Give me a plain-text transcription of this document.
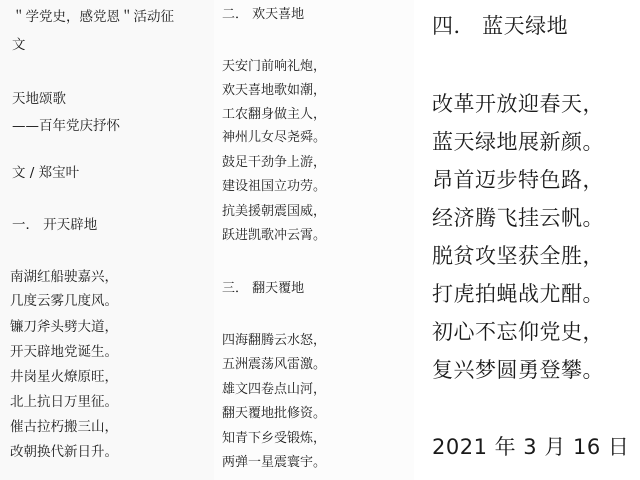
＂学党史，感党恩＂活动征
文
天地颂歌
——百年党庆抒怀
文 / 郑宝叶
一． 开天辟地
南湖红船驶嘉兴，
几度云雾几度风。
镰刀斧头劈大道，
开天辟地党诞生。
井岗星火燎原旺，
北上抗日万里征。
催古拉朽搬三山，
改朝换代新日升。
二． 欢天喜地
天安门前响礼炮，
欢天喜地歌如潮，
工农翻身做主人，
神州儿女尽尧舜。
鼓足干劲争上游，
建设祖国立功劳。
抗美援朝震国威，
跃进凯歌冲云霄。
三． 翻天覆地
四海翻腾云水怒，
五洲震荡风雷激。
雄文四卷点山河，
翻天覆地批修资。
知青下乡受锻炼，
两弹一星震寰宇。
四． 蓝天绿地
改革开放迎春天，
蓝天绿地展新颜。
昂首迈步特色路，
经济腾飞挂云帆。
脱贫攻坚获全胜，
打虎拍蝇战尤酣。
初心不忘仰党史，
复兴梦圆勇登攀。
2021 年 3 月 16 日
